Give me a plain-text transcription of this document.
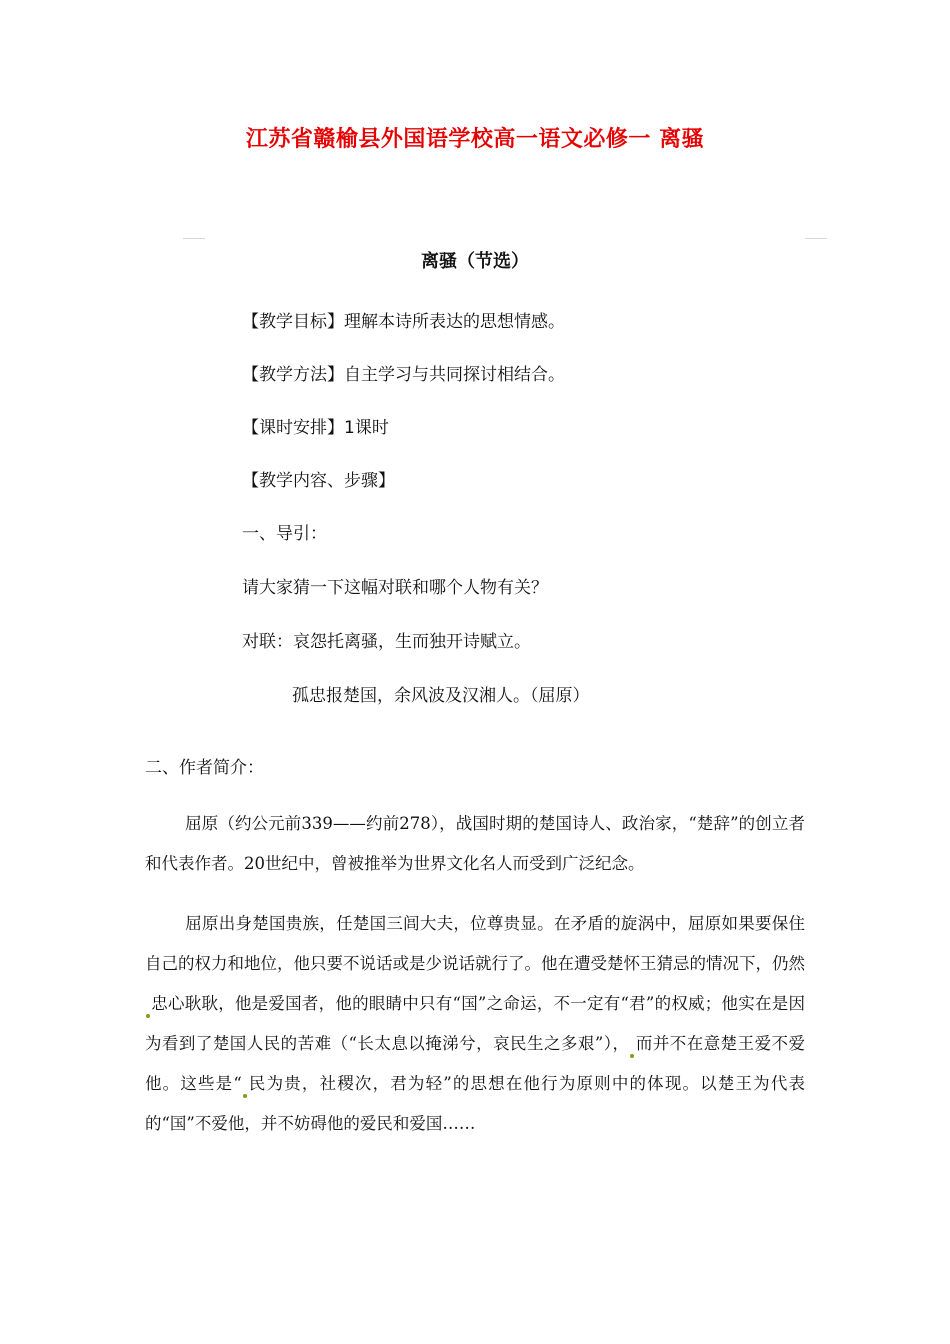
江苏省赣榆县外国语学校高一语文必修一 离骚
离骚（节选）
【教学目标】理解本诗所表达的思想情感。
【教学方法】自主学习与共同探讨相结合。
【课时安排】1课时
【教学内容、步骤】
一、导引：
请大家猜一下这幅对联和哪个人物有关？
对联：哀怨托离骚，生而独开诗赋立。
孤忠报楚国，余风波及汉湘人。（屈原）
二、作者简介：
屈原（约公元前339——约前278），战国时期的楚国诗人、政治家，“楚辞”的创立者和代表作者。20世纪中，曾被推举为世界文化名人而受到广泛纪念。
屈原出身楚国贵族，任楚国三闾大夫，位尊贵显。在矛盾的旋涡中，屈原如果要保住自己的权力和地位，他只要不说话或是少说话就行了。他在遭受楚怀王猜忌的情况下，仍然忠心耿耿，他是爱国者，他的眼睛中只有“国”之命运，不一定有“君”的权威；他实在是因为看到了楚国人民的苦难（“长太息以掩涕兮，哀民生之多艰”）， 而并不在意楚王爱不爱他。这些是“ 民为贵，社稷次，君为轻”的思想在他行为原则中的体现。以楚王为代表的“国”不爱他，并不妨碍他的爱民和爱国……
